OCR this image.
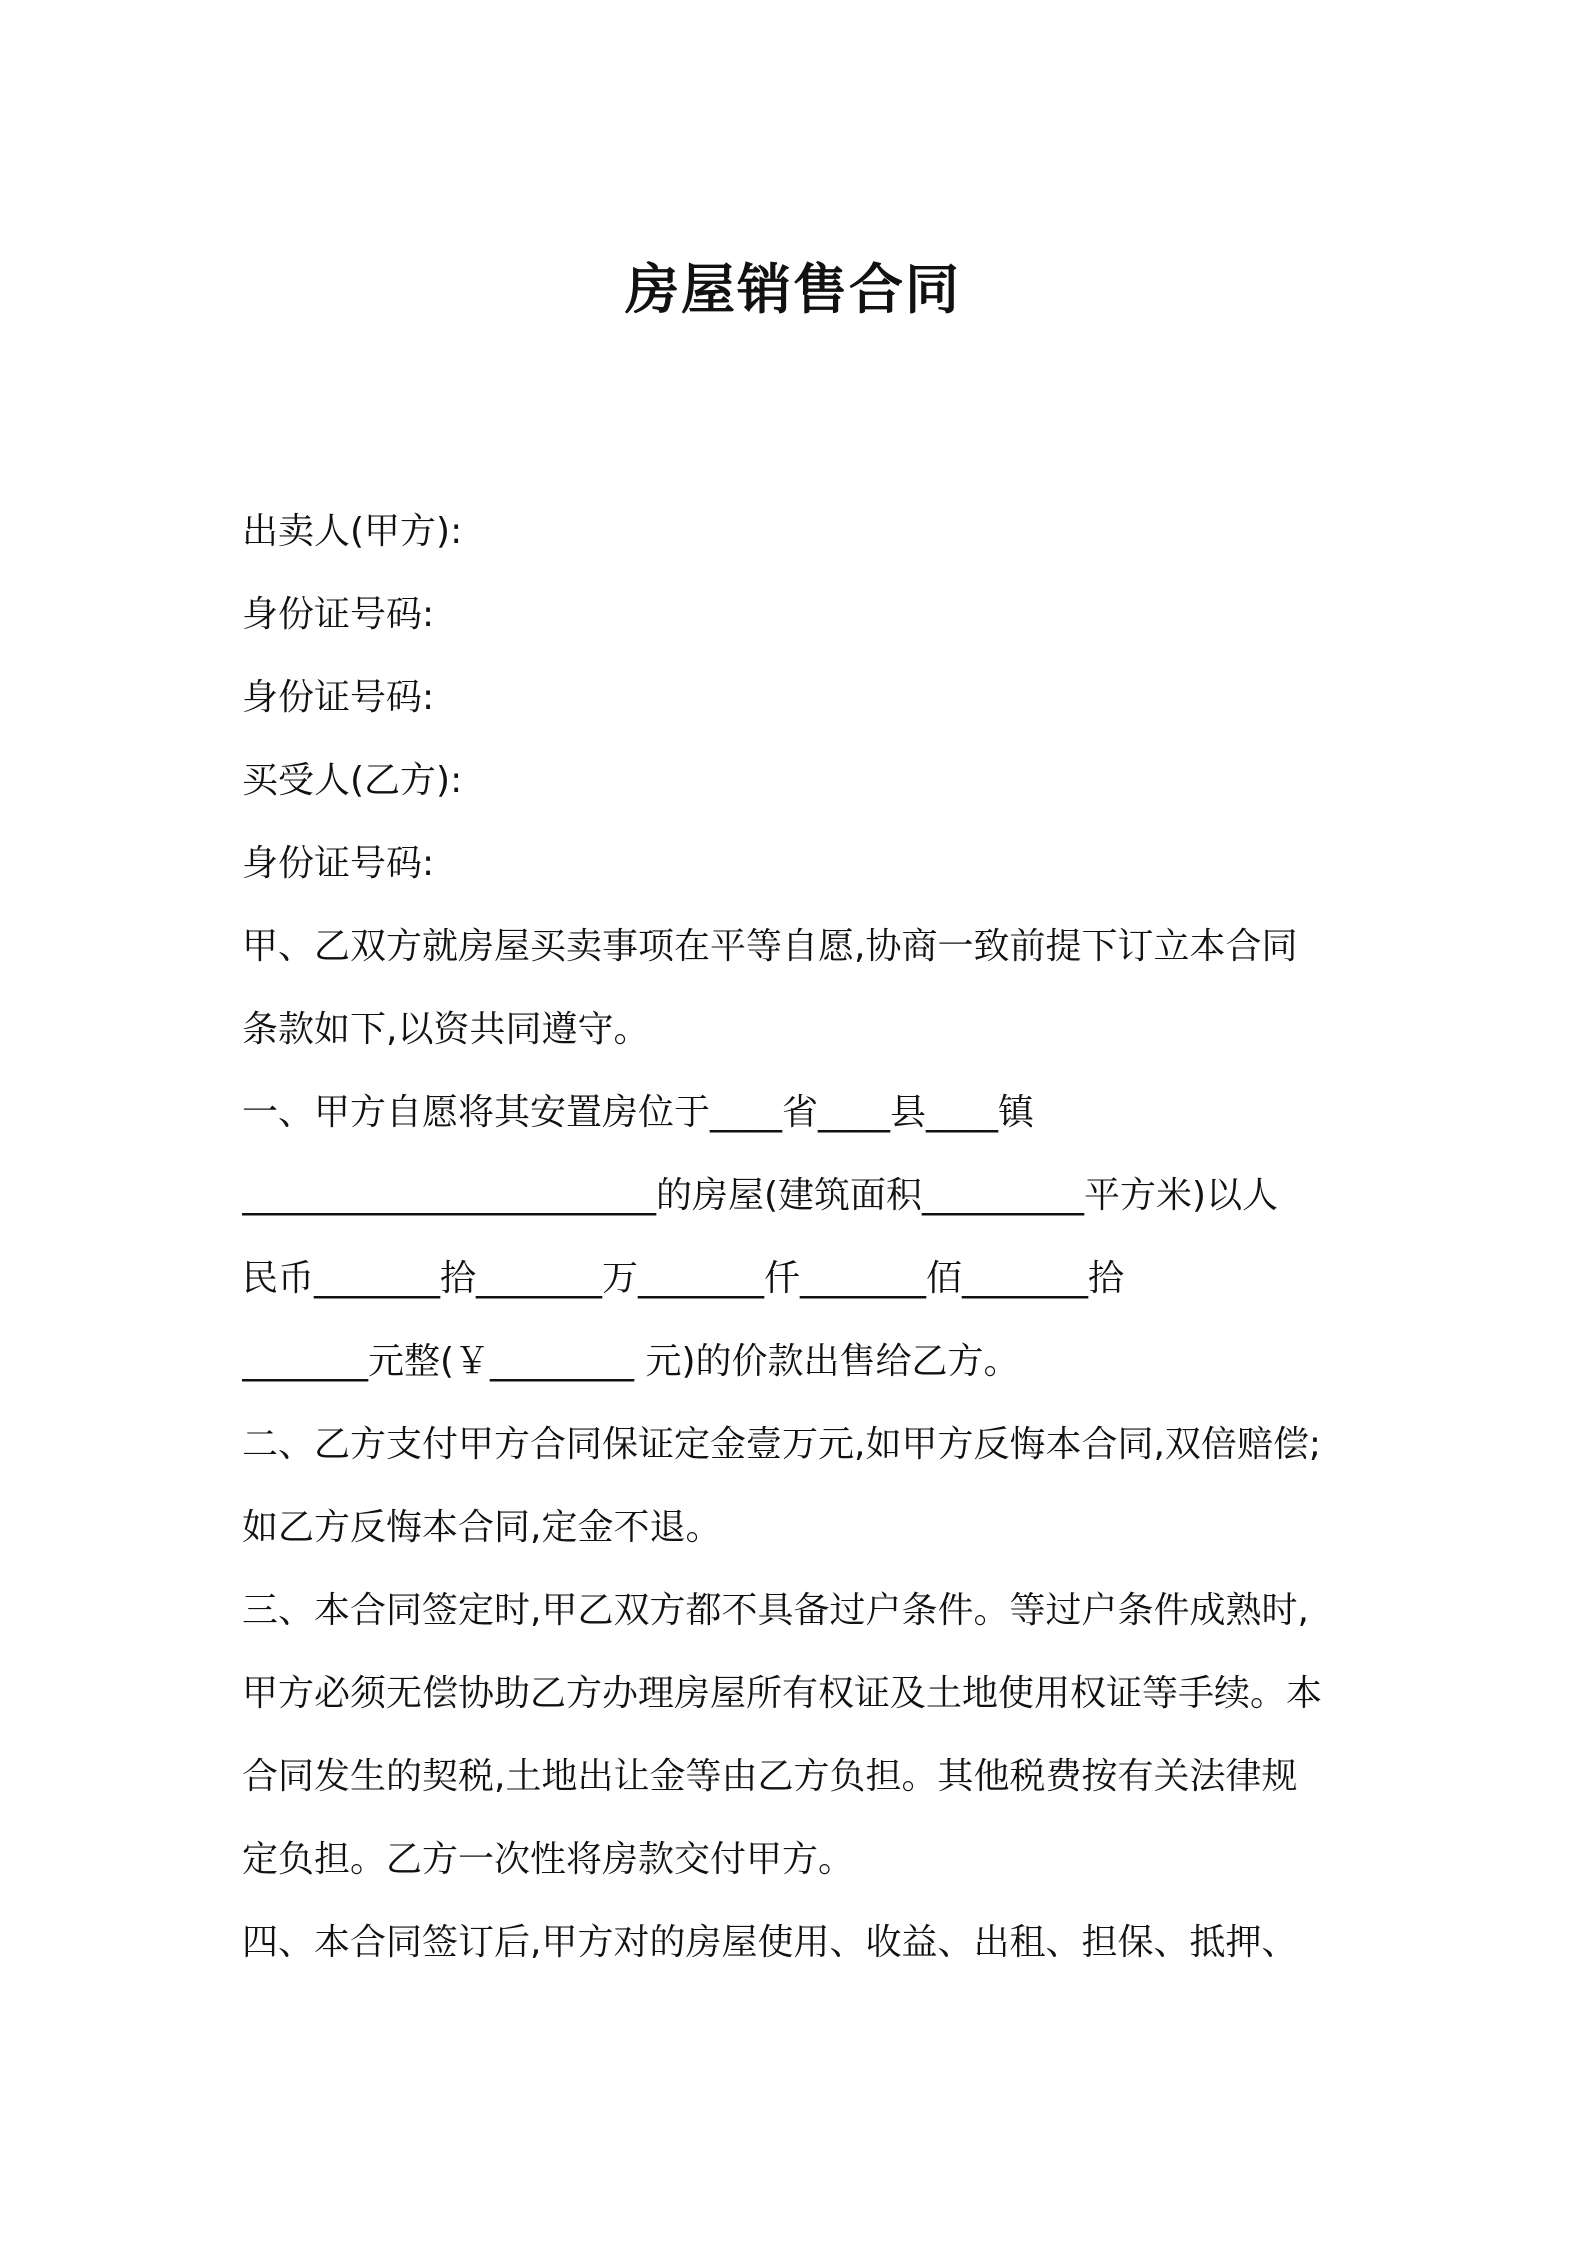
房屋销售合同
出卖人(甲方):
身份证号码:
身份证号码:
买受人(乙方):
身份证号码:
甲、乙双方就房屋买卖事项在平等自愿,协商一致前提下订立本合同
条款如下,以资共同遵守。
一、甲方自愿将其安置房位于____省____县____镇
_______________________的房屋(建筑面积_________平方米)以人
民币_______拾_______万_______仟_______佰_______拾
_______元整(￥________ 元)的价款出售给乙方。
二、乙方支付甲方合同保证定金壹万元,如甲方反悔本合同,双倍赔偿;
如乙方反悔本合同,定金不退。
三、本合同签定时,甲乙双方都不具备过户条件。等过户条件成熟时,
甲方必须无偿协助乙方办理房屋所有权证及土地使用权证等手续。本
合同发生的契税,土地出让金等由乙方负担。其他税费按有关法律规
定负担。乙方一次性将房款交付甲方。
四、本合同签订后,甲方对的房屋使用、收益、出租、担保、抵押、
